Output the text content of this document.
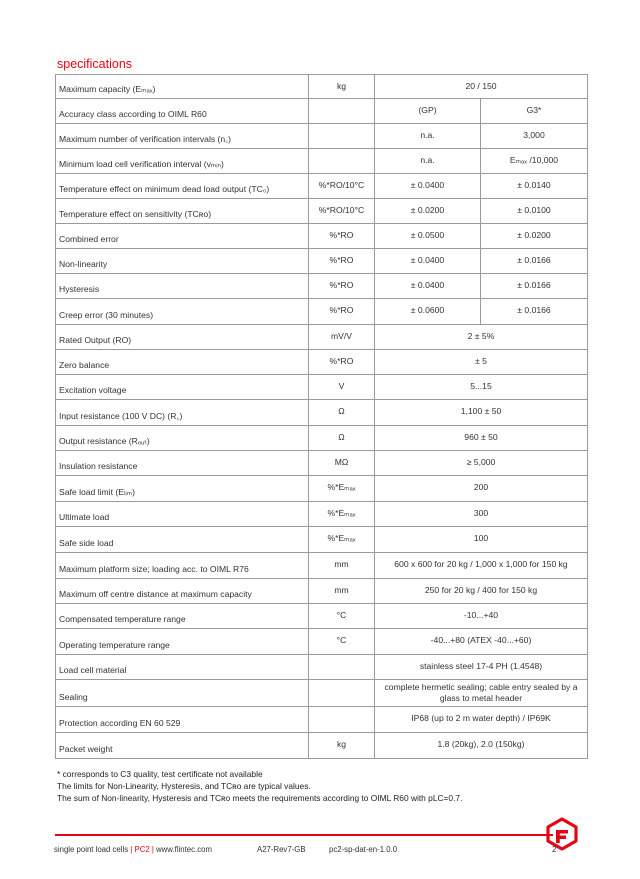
specifications
Maximum capacity (Eₘₐₓ)	kg	20 / 150	
Accuracy class according to OIML R60		(GP)	G3*
Maximum number of verification intervals (n꜀)		n.a.	3,000
Minimum load cell verification interval (vₘᵢₙ)		n.a.	Eₘₐₓ /10,000
Temperature effect on minimum dead load output (TC₀)	%*RO/10°C	± 0.0400	± 0.0140
Temperature effect on sensitivity (TCʀᴏ)	%*RO/10°C	± 0.0200	± 0.0100
Combined error	%*RO	± 0.0500	± 0.0200
Non-linearity	%*RO	± 0.0400	± 0.0166
Hysteresis	%*RO	± 0.0400	± 0.0166
Creep error (30 minutes)	%*RO	± 0.0600	± 0.0166
Rated Output (RO)	mV/V	2 ± 5%	
Zero balance	%*RO	± 5	
Excitation voltage	V	5...15	
Input resistance (100 V DC) (R꜀)	Ω	1,100 ± 50	
Output resistance (Rₒᵤₜ)	Ω	960 ± 50	
Insulation resistance	MΩ	≥ 5,000	
Safe load limit (Eₗᵢₘ)	%*Eₘₐₓ	200	
Ultimate load	%*Eₘₐₓ	300	
Safe side load	%*Eₘₐₓ	100	
Maximum platform size; loading acc. to OIML R76	mm	600 x 600 for 20 kg / 1,000 x 1,000 for 150 kg	
Maximum off centre distance at maximum capacity	mm	250 for 20 kg / 400 for 150 kg	
Compensated temperature range	°C	-10...+40	
Operating temperature range	°C	-40...+80 (ATEX -40...+60)	
Load cell material		stainless steel 17-4 PH (1.4548)	
Sealing		complete hermetic sealing; cable entry sealed by a glass to metal header	
Protection according EN 60 529		IP68 (up to 2 m water depth) / IP69K	
Packet weight	kg	1.8 (20kg), 2.0 (150kg)	
* corresponds to C3 quality, test certificate not available
The limits for Non-Linearity, Hysteresis, and TCʀᴏ are typical values.
The sum of Non-linearity, Hysteresis and TCʀᴏ meets the requirements according to OIML R60 with pLC=0.7.
single point load cells | PC2 | www.flintec.com	A27-Rev7-GB	pc2-sp-dat-en-1.0.0	2
